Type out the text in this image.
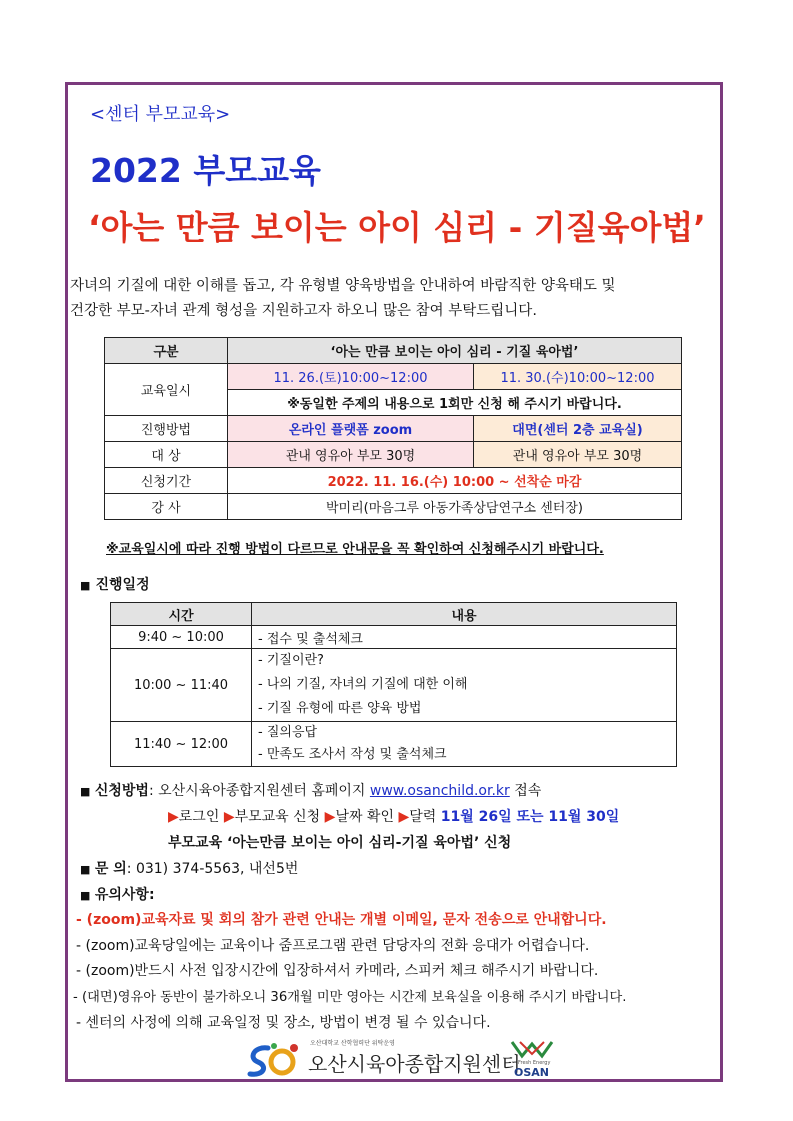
<센터 부모교육>
2022 부모교육
‘아는 만큼 보이는 아이 심리 - 기질육아법’

자녀의 기질에 대한 이해를 돕고, 각 유형별 양육방법을 안내하여 바람직한 양육태도 및

건강한 부모-자녀 관계 형성을 지원하고자 하오니 많은 참여 부탁드립니다.

구분	‘아는 만큼 보이는 아이 심리 - 기질 육아법’	
교육일시	11. 26.(토)10:00~12:00	11. 30.(수)10:00~12:00
	※동일한 주제의 내용으로 1회만 신청 해 주시기 바랍니다.	
진행방법	온라인 플랫폼 zoom	대면(센터 2층 교육실)
대 상	관내 영유아 부모 30명	관내 영유아 부모 30명
신청기간	2022. 11. 16.(수) 10:00 ~ 선착순 마감	
강 사	박미리(마음그루 아동가족상담연구소 센터장)	
※교육일시에 따라 진행 방법이 다르므로 안내문을 꼭 확인하여 신청해주시기 바랍니다.
■ 진행일정
시간	내용
9:40 ~ 10:00	- 접수 및 출석체크
10:00 ~ 11:40	- 기질이란?
- 나의 기질, 자녀의 기질에 대한 이해
- 기질 유형에 따른 양육 방법

11:40 ~ 12:00	- 질의응답
- 만족도 조사서 작성 및 출석체크
■ 신청방법: 오산시육아종합지원센터 홈페이지 www.osanchild.or.kr 접속
▶로그인 ▶부모교육 신청 ▶날짜 확인 ▶달력 11월 26일 또는 11월 30일
부모교육 ‘아는만큼 보이는 아이 심리-기질 육아법’ 신청
■ 문 의: 031) 374-5563, 내선5번
■ 유의사항:
- (zoom)교육자료 및 회의 참가 관련 안내는 개별 이메일, 문자 전송으로 안내합니다.
- (zoom)교육당일에는 교육이나 줌프로그램 관련 담당자의 전화 응대가 어렵습니다.
- (zoom)반드시 사전 입장시간에 입장하셔서 카메라, 스피커 체크 해주시기 바랍니다.
- (대면)영유아 동반이 불가하오니 36개월 미만 영아는 시간제 보육실을 이용해 주시기 바랍니다.
- 센터의 사정에 의해 교육일정 및 장소, 방법이 변경 될 수 있습니다.
오산대학교 산학협력단 위탁운영
오산시육아종합지원센터
Fresh Energy
OSAN
